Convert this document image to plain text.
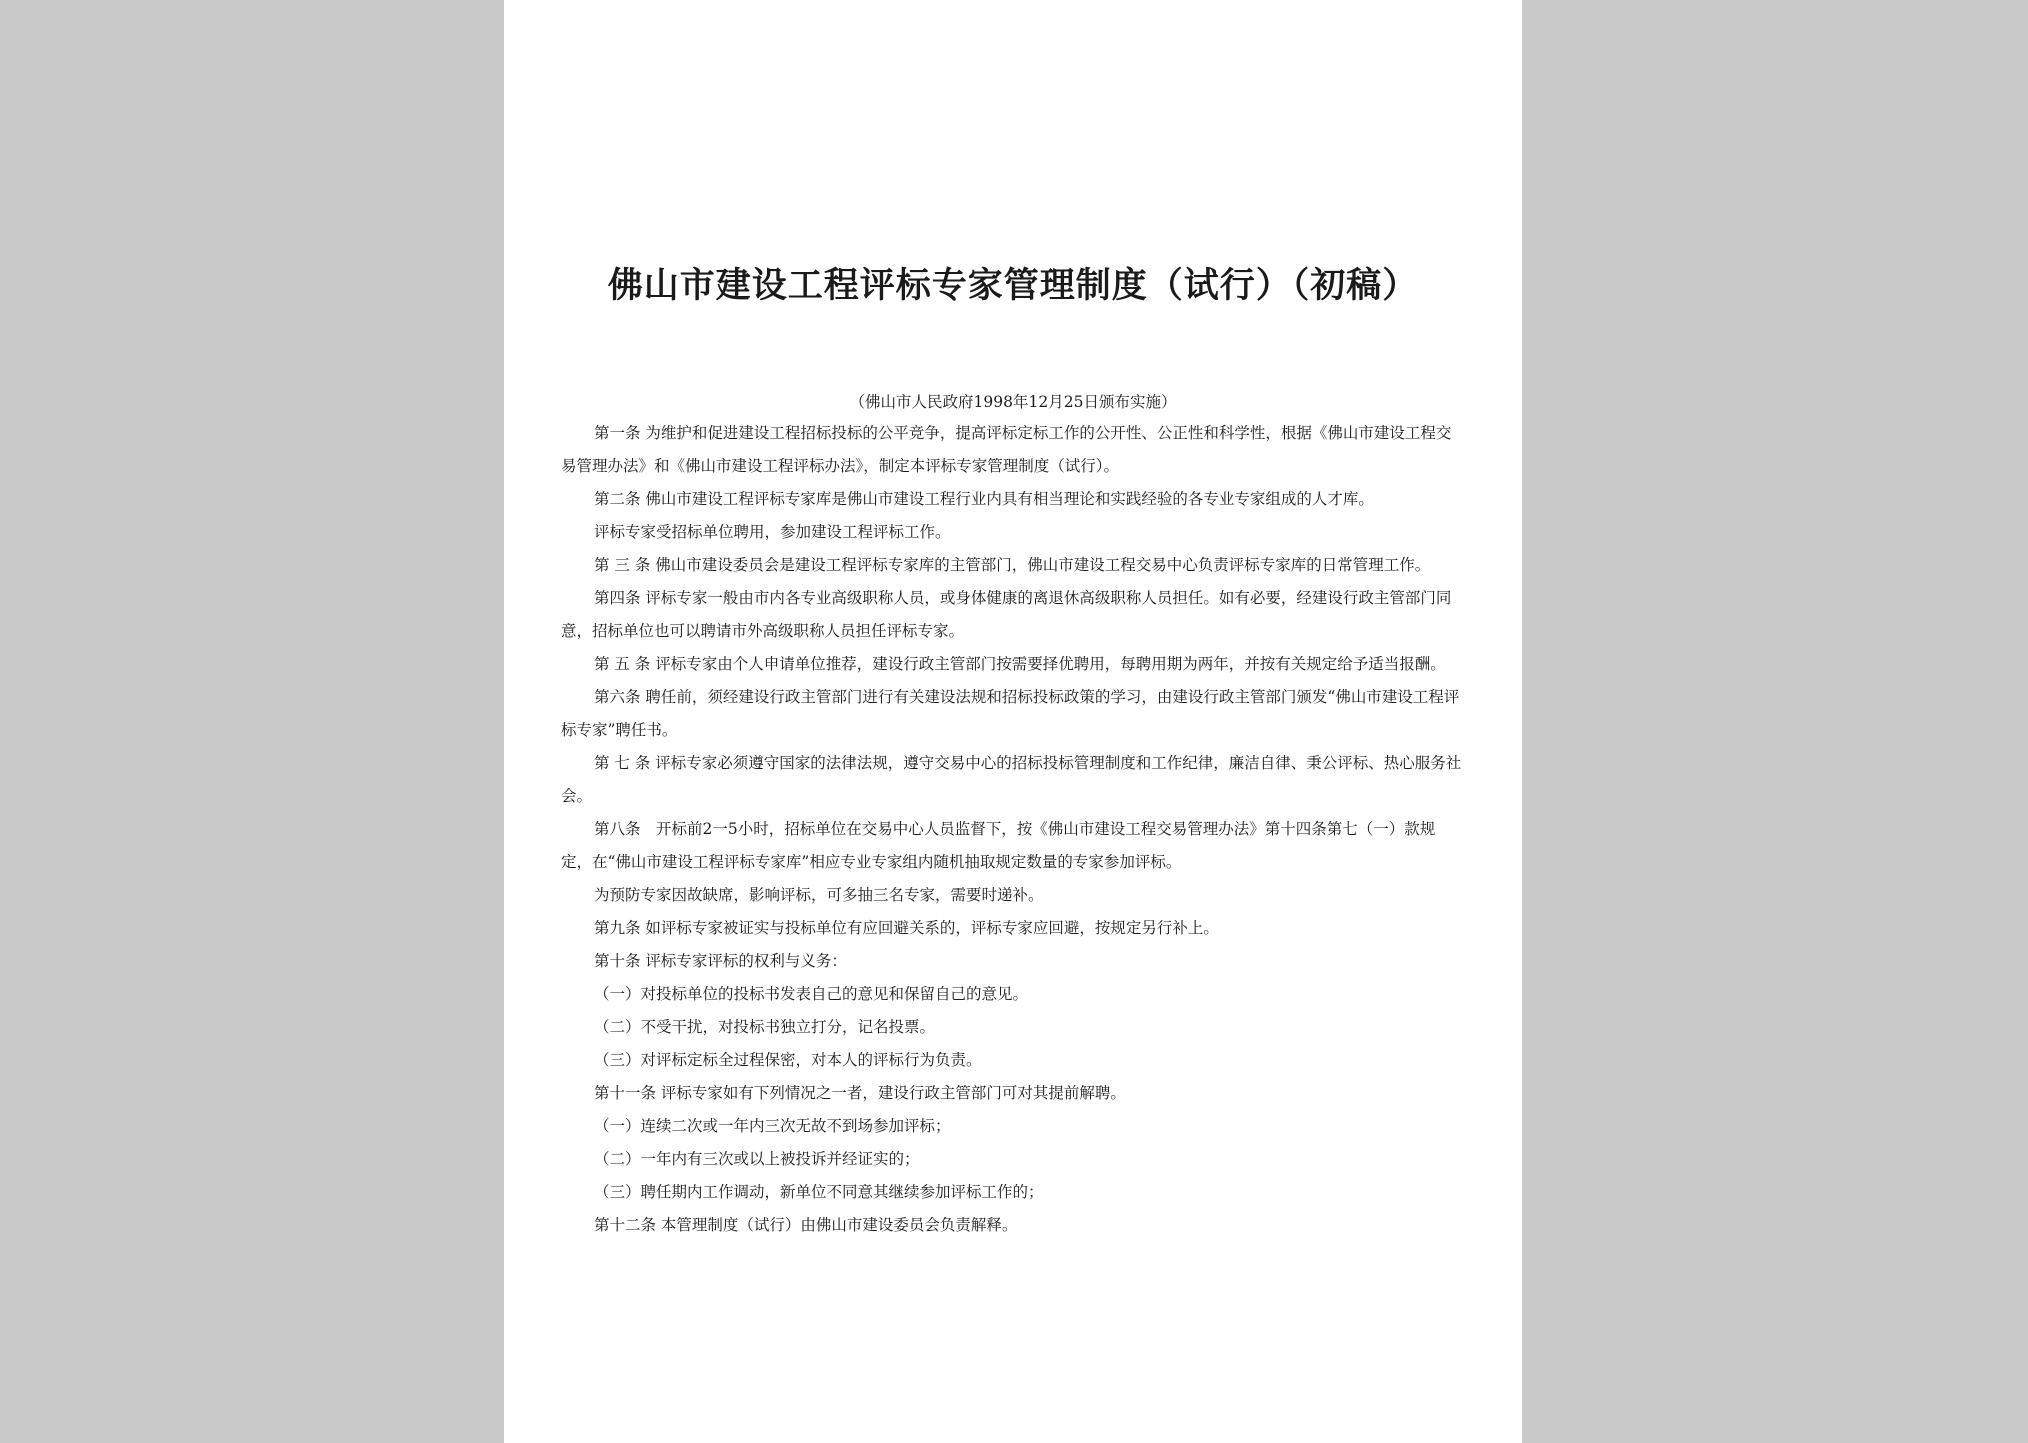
佛山市建设工程评标专家管理制度（试行）（初稿）
（佛山市人民政府1998年12月25日颁布实施）

第一条 为维护和促进建设工程招标投标的公平竞争，提高评标定标工作的公开性、公正性和科学性，根据《佛山市建设工程交易管理办法》和《佛山市建设工程评标办法》，制定本评标专家管理制度（试行）。

第二条 佛山市建设工程评标专家库是佛山市建设工程行业内具有相当理论和实践经验的各专业专家组成的人才库。

评标专家受招标单位聘用，参加建设工程评标工作。

第 三 条 佛山市建设委员会是建设工程评标专家库的主管部门，佛山市建设工程交易中心负责评标专家库的日常管理工作。

第四条 评标专家一般由市内各专业高级职称人员，或身体健康的离退休高级职称人员担任。如有必要，经建设行政主管部门同意，招标单位也可以聘请市外高级职称人员担任评标专家。

第 五 条 评标专家由个人申请单位推荐，建设行政主管部门按需要择优聘用，每聘用期为两年，并按有关规定给予适当报酬。

第六条 聘任前，须经建设行政主管部门进行有关建设法规和招标投标政策的学习，由建设行政主管部门颁发“佛山市建设工程评标专家”聘任书。

第 七 条 评标专家必须遵守国家的法律法规，遵守交易中心的招标投标管理制度和工作纪律，廉洁自律、秉公评标、热心服务社会。

第八条　开标前2一5小时，招标单位在交易中心人员监督下，按《佛山市建设工程交易管理办法》第十四条第七（一）款规定，在“佛山市建设工程评标专家库”相应专业专家组内随机抽取规定数量的专家参加评标。

为预防专家因故缺席，影响评标，可多抽三名专家，需要时递补。

第九条 如评标专家被证实与投标单位有应回避关系的，评标专家应回避，按规定另行补上。

第十条 评标专家评标的权利与义务：

（一）对投标单位的投标书发表自己的意见和保留自己的意见。

（二）不受干扰，对投标书独立打分，记名投票。

（三）对评标定标全过程保密，对本人的评标行为负责。

第十一条 评标专家如有下列情况之一者，建设行政主管部门可对其提前解聘。

（一）连续二次或一年内三次无故不到场参加评标；

（二）一年内有三次或以上被投诉并经证实的；

（三）聘任期内工作调动，新单位不同意其继续参加评标工作的；

第十二条 本管理制度（试行）由佛山市建设委员会负责解释。
